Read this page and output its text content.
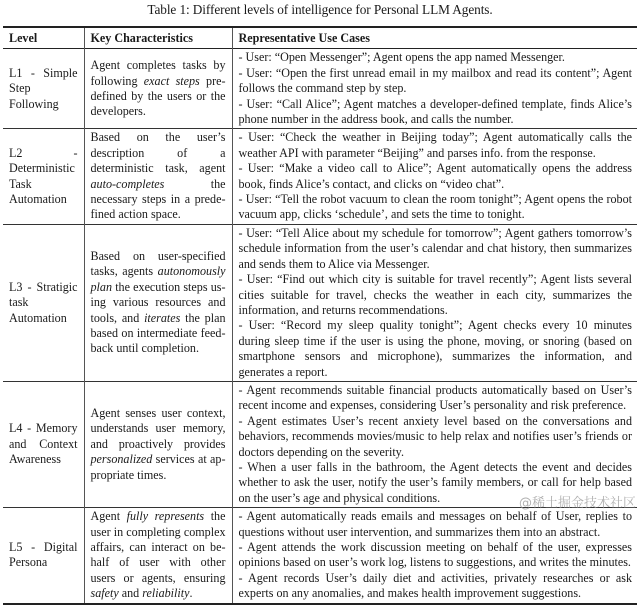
Table 1: Different levels of intelligence for Personal LLM Agents.
Level	Key Characteristics	Representative Use Cases
L1 - Simple Step Following	Agent completes tasks by following exact steps predefined by the users or the developers.	- User: “Open Messenger”; Agent opens the app named Messenger.

- User: “Open the first unread email in my mailbox and read its content”; Agent follows the command step by step.

- User: “Call Alice”; Agent matches a developer-defined template, finds Alice’s phone number in the address book, and calls the number.

L2 - Deterministic Task Automation	Based on the user’s description of a deterministic task, agent auto-completes the necessary steps in a predefined action space.	- User: “Check the weather in Beijing today”; Agent automatically calls the weather API with parameter “Beijing” and parses info. from the response.

- User: “Make a video call to Alice”; Agent automatically opens the address book, finds Alice’s contact, and clicks on “video chat”.

- User: “Tell the robot vacuum to clean the room tonight”; Agent opens the robot vacuum app, clicks ‘schedule’, and sets the time to tonight.

L3 - Stratigic task Automation	Based on user-specified tasks, agents autonomously plan the execution steps using various resources and tools, and iterates the plan based on intermediate feedback until completion.	- User: “Tell Alice about my schedule for tomorrow”; Agent gathers tomorrow’s schedule information from the user’s calendar and chat history, then summarizes and sends them to Alice via Messenger.

- User: “Find out which city is suitable for travel recently”; Agent lists several cities suitable for travel, checks the weather in each city, summarizes the information, and returns recommendations.

- User: “Record my sleep quality tonight”; Agent checks every 10 minutes during sleep time if the user is using the phone, moving, or snoring (based on smartphone sensors and microphone), summarizes the information, and generates a report.

L4 - Memory and Context Awareness	Agent senses user context, understands user memory, and proactively provides personalized services at appropriate times.	- Agent recommends suitable financial products automatically based on User’s recent income and expenses, considering User’s personality and risk preference.

- Agent estimates User’s recent anxiety level based on the conversations and behaviors, recommends movies/music to help relax and notifies user’s friends or doctors depending on the severity.

- When a user falls in the bathroom, the Agent detects the event and decides whether to ask the user, notify the user’s family members, or call for help based on the user’s age and physical conditions.

L5 - Digital Persona	Agent fully represents the user in completing complex affairs, can interact on behalf of user with other users or agents, ensuring safety and reliability.	- Agent automatically reads emails and messages on behalf of User, replies to questions without user intervention, and summarizes them into an abstract.

- Agent attends the work discussion meeting on behalf of the user, expresses opinions based on user’s work log, listens to suggestions, and writes the minutes.

- Agent records User’s daily diet and activities, privately researches or ask experts on any anomalies, and makes health improvement suggestions.

@稀土掘金技术社区
